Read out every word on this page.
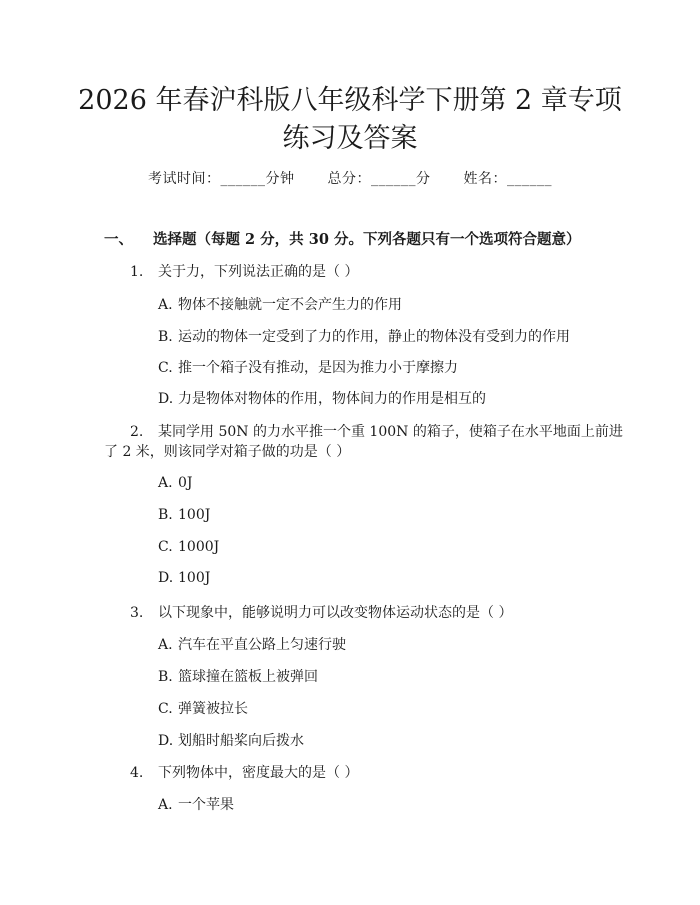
2026 年春沪科版八年级科学下册第 2 章专项
练习及答案
考试时间：______分钟 总分：______分 姓名：______
一、 选择题（每题 2 分，共 30 分。下列各题只有一个选项符合题意）
1. 关于力，下列说法正确的是（ ）
A. 物体不接触就一定不会产生力的作用
B. 运动的物体一定受到了力的作用，静止的物体没有受到力的作用
C. 推一个箱子没有推动，是因为推力小于摩擦力
D. 力是物体对物体的作用，物体间力的作用是相互的
2. 某同学用 50N 的力水平推一个重 100N 的箱子，使箱子在水平地面上前进
了 2 米，则该同学对箱子做的功是（ ）
A. 0J
B. 100J
C. 1000J
D. 100J
3. 以下现象中，能够说明力可以改变物体运动状态的是（ ）
A. 汽车在平直公路上匀速行驶
B. 篮球撞在篮板上被弹回
C. 弹簧被拉长
D. 划船时船桨向后拨水
4. 下列物体中，密度最大的是（ ）
A. 一个苹果
